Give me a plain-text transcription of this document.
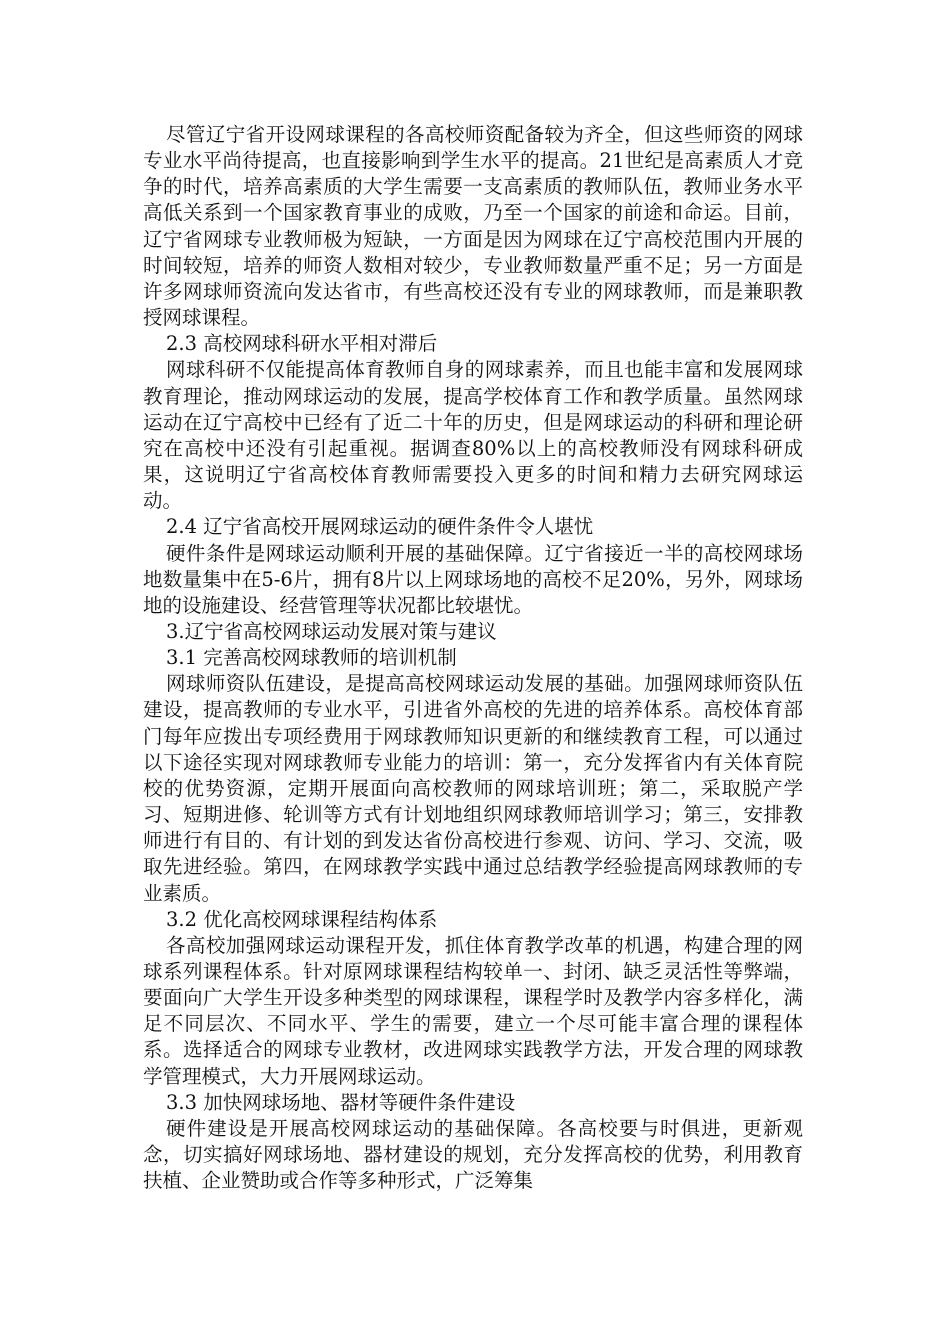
尽管辽宁省开设网球课程的各高校师资配备较为齐全，但这些师资的网球专业水平尚待提高，也直接影响到学生水平的提高。21世纪是高素质人才竞争的时代，培养高素质的大学生需要一支高素质的教师队伍，教师业务水平高低关系到一个国家教育事业的成败，乃至一个国家的前途和命运。目前，辽宁省网球专业教师极为短缺，一方面是因为网球在辽宁高校范围内开展的时间较短，培养的师资人数相对较少，专业教师数量严重不足；另一方面是许多网球师资流向发达省市，有些高校还没有专业的网球教师，而是兼职教授网球课程。

2.3 高校网球科研水平相对滞后

网球科研不仅能提高体育教师自身的网球素养，而且也能丰富和发展网球教育理论，推动网球运动的发展，提高学校体育工作和教学质量。虽然网球运动在辽宁高校中已经有了近二十年的历史，但是网球运动的科研和理论研究在高校中还没有引起重视。据调查80%以上的高校教师没有网球科研成果，这说明辽宁省高校体育教师需要投入更多的时间和精力去研究网球运动。

2.4 辽宁省高校开展网球运动的硬件条件令人堪忧

硬件条件是网球运动顺利开展的基础保障。辽宁省接近一半的高校网球场地数量集中在5-6片，拥有8片以上网球场地的高校不足20%，另外，网球场地的设施建设、经营管理等状况都比较堪忧。

3.辽宁省高校网球运动发展对策与建议

3.1 完善高校网球教师的培训机制

网球师资队伍建设，是提高高校网球运动发展的基础。加强网球师资队伍建设，提高教师的专业水平，引进省外高校的先进的培养体系。高校体育部门每年应拨出专项经费用于网球教师知识更新的和继续教育工程，可以通过以下途径实现对网球教师专业能力的培训：第一，充分发挥省内有关体育院校的优势资源，定期开展面向高校教师的网球培训班；第二，采取脱产学习、短期进修、轮训等方式有计划地组织网球教师培训学习；第三，安排教师进行有目的、有计划的到发达省份高校进行参观、访问、学习、交流，吸取先进经验。第四，在网球教学实践中通过总结教学经验提高网球教师的专业素质。

3.2 优化高校网球课程结构体系

各高校加强网球运动课程开发，抓住体育教学改革的机遇，构建合理的网球系列课程体系。针对原网球课程结构较单一、封闭、缺乏灵活性等弊端，要面向广大学生开设多种类型的网球课程，课程学时及教学内容多样化，满足不同层次、不同水平、学生的需要，建立一个尽可能丰富合理的课程体系。选择适合的网球专业教材，改进网球实践教学方法，开发合理的网球教学管理模式，大力开展网球运动。

3.3 加快网球场地、器材等硬件条件建设

硬件建设是开展高校网球运动的基础保障。各高校要与时俱进，更新观念，切实搞好网球场地、器材建设的规划，充分发挥高校的优势，利用教育扶植、企业赞助或合作等多种形式，广泛筹集
